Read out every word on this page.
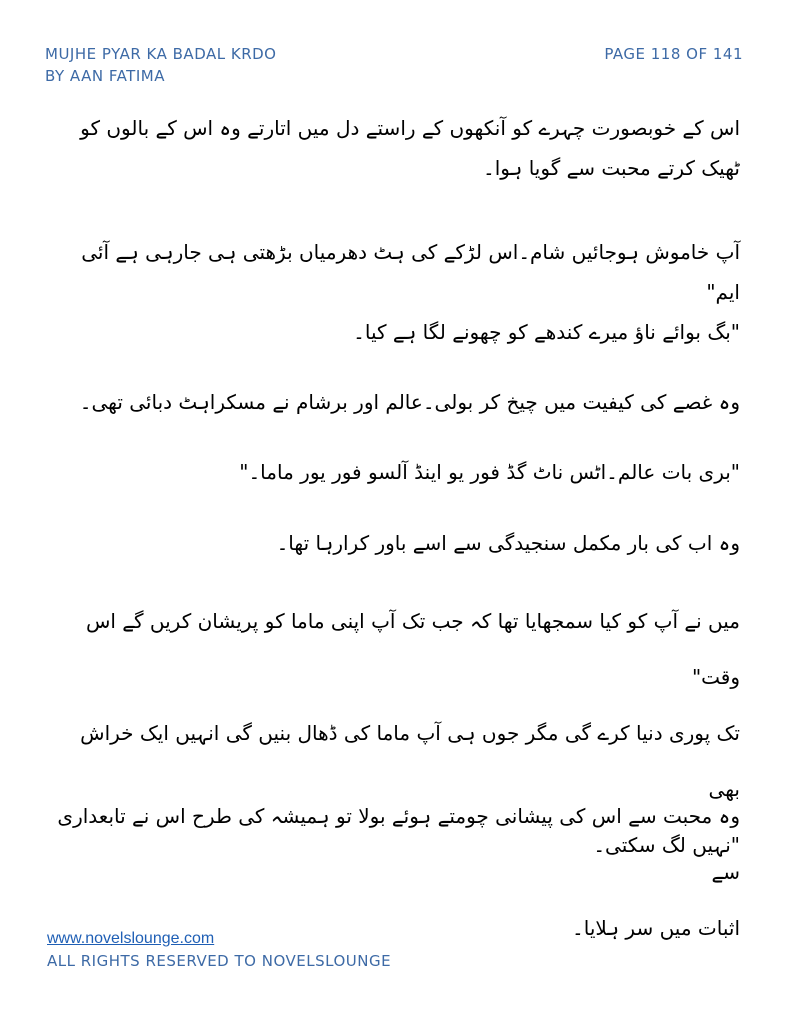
MUJHE PYAR KA BADAL KRDO
BY AAN FATIMA
PAGE 118 OF 141

اس کے خوبصورت چہرے کو آنکھوں کے راستے دل میں اتارتے وہ اس کے بالوں کو

ٹھیک کرتے محبت سے گویا ہوا۔

آپ خاموش ہوجائیں شام۔اس لڑکے کی ہٹ دھرمیاں بڑھتی ہی جارہی ہے آئی ایم"

"بگ بوائے ناؤ میرے کندھے کو چھونے لگا ہے کیا۔

وہ غصے کی کیفیت میں چیخ کر بولی۔عالم اور برشام نے مسکراہٹ دبائی تھی۔

"بری بات عالم۔اٹس ناٹ گڈ فور یو اینڈ آلسو فور یور ماما۔"

وہ اب کی بار مکمل سنجیدگی سے اسے باور کرارہا تھا۔

میں نے آپ کو کیا سمجھایا تھا کہ جب تک آپ اپنی ماما کو پریشان کریں گے اس وقت"

تک پوری دنیا کرے گی مگر جوں ہی آپ ماما کی ڈھال بنیں گی انہیں ایک خراش بھی

"نہیں لگ سکتی۔

وہ محبت سے اس کی پیشانی چومتے ہوئے بولا تو ہمیشہ کی طرح اس نے تابعداری سے

اثبات میں سر ہلایا۔

www.novelslounge.com
ALL RIGHTS RESERVED TO NOVELSLOUNGE
